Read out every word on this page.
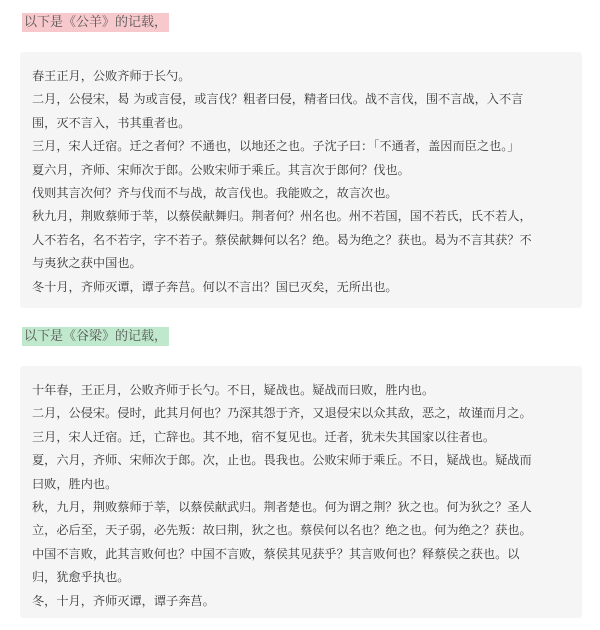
以下是《公羊》的记载，

春王正月，公败齐师于长勺。

二月，公侵宋，曷 为或言侵，或言伐？粗者曰侵，精者曰伐。战不言伐，围不言战，入不言

围，灭不言入，书其重者也。

三月，宋人迁宿。迁之者何？不通也，以地还之也。子沈子曰：「不通者，盖因而臣之也。」

夏六月，齐师、宋师次于郎。公败宋师于乘丘。其言次于郎何？伐也。

伐则其言次何？齐与伐而不与战，故言伐也。我能败之，故言次也。

秋九月，荆败蔡师于莘，以蔡侯献舞归。荆者何？州名也。州不若国，国不若氏，氏不若人，

人不若名，名不若字，字不若子。蔡侯献舞何以名？绝。曷为绝之？获也。曷为不言其获？不

与夷狄之获中国也。

冬十月，齐师灭谭，谭子奔莒。何以不言出？国已灭矣，无所出也。

以下是《谷梁》的记载，

十年春，王正月，公败齐师于长勺。不日，疑战也。疑战而曰败，胜内也。

二月，公侵宋。侵时，此其月何也？乃深其怨于齐，又退侵宋以众其敌，恶之，故谨而月之。

三月，宋人迁宿。迁，亡辞也。其不地，宿不复见也。迁者，犹未失其国家以往者也。

夏，六月，齐师、宋师次于郎。次，止也。畏我也。公败宋师于乘丘。不日，疑战也。疑战而

曰败，胜内也。

秋，九月，荆败蔡师于莘，以蔡侯献武归。荆者楚也。何为谓之荆？狄之也。何为狄之？圣人

立，必后至，天子弱，必先叛：故曰荆，狄之也。蔡侯何以名也？绝之也。何为绝之？获也。

中国不言败，此其言败何也？中国不言败，蔡侯其见获乎？其言败何也？释蔡侯之获也。以

归，犹愈乎执也。

冬，十月，齐师灭谭，谭子奔莒。
